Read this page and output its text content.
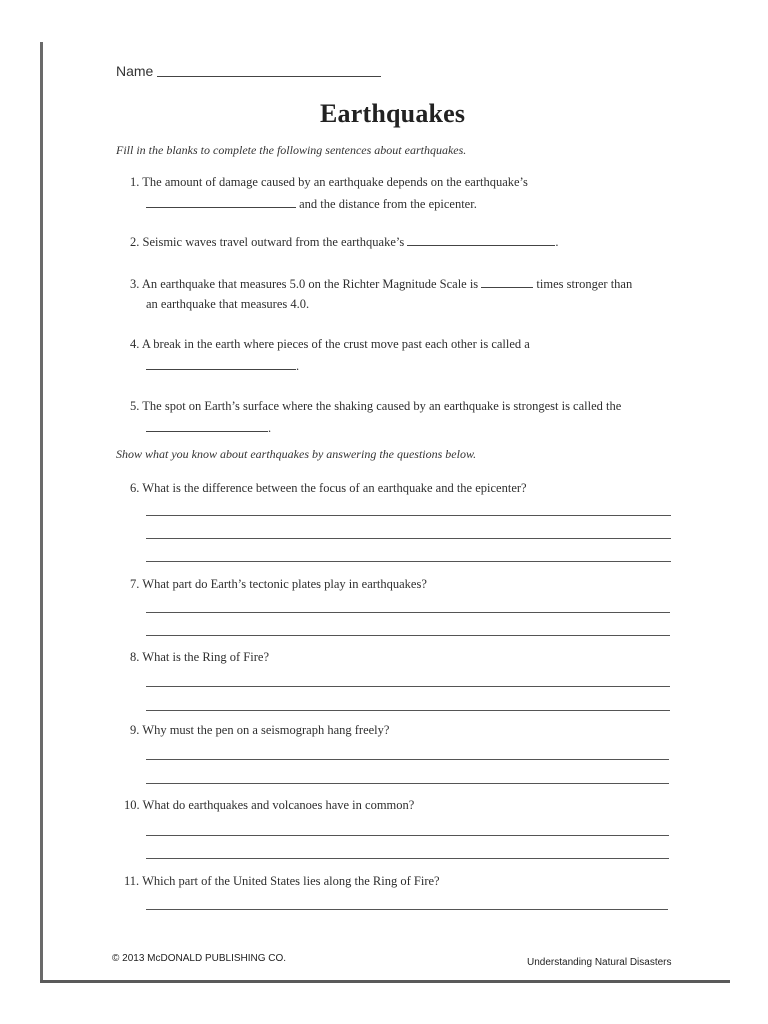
Name
Earthquakes
Fill in the blanks to complete the following sentences about earthquakes.
1. The amount of damage caused by an earthquake depends on the earthquake’s
and the distance from the epicenter.
2. Seismic waves travel outward from the earthquake’s	.
3. An earthquake that measures 5.0 on the Richter Magnitude Scale is	times stronger than
an earthquake that measures 4.0.
4. A break in the earth where pieces of the crust move past each other is called a
.
5. The spot on Earth’s surface where the shaking caused by an earthquake is strongest is called the
.
Show what you know about earthquakes by answering the questions below.
6. What is the difference between the focus of an earthquake and the epicenter?
7. What part do Earth’s tectonic plates play in earthquakes?
8. What is the Ring of Fire?
9. Why must the pen on a seismograph hang freely?
10. What do earthquakes and volcanoes have in common?
11. Which part of the United States lies along the Ring of Fire?
© 2013 McDONALD PUBLISHING CO.	Understanding Natural Disasters
